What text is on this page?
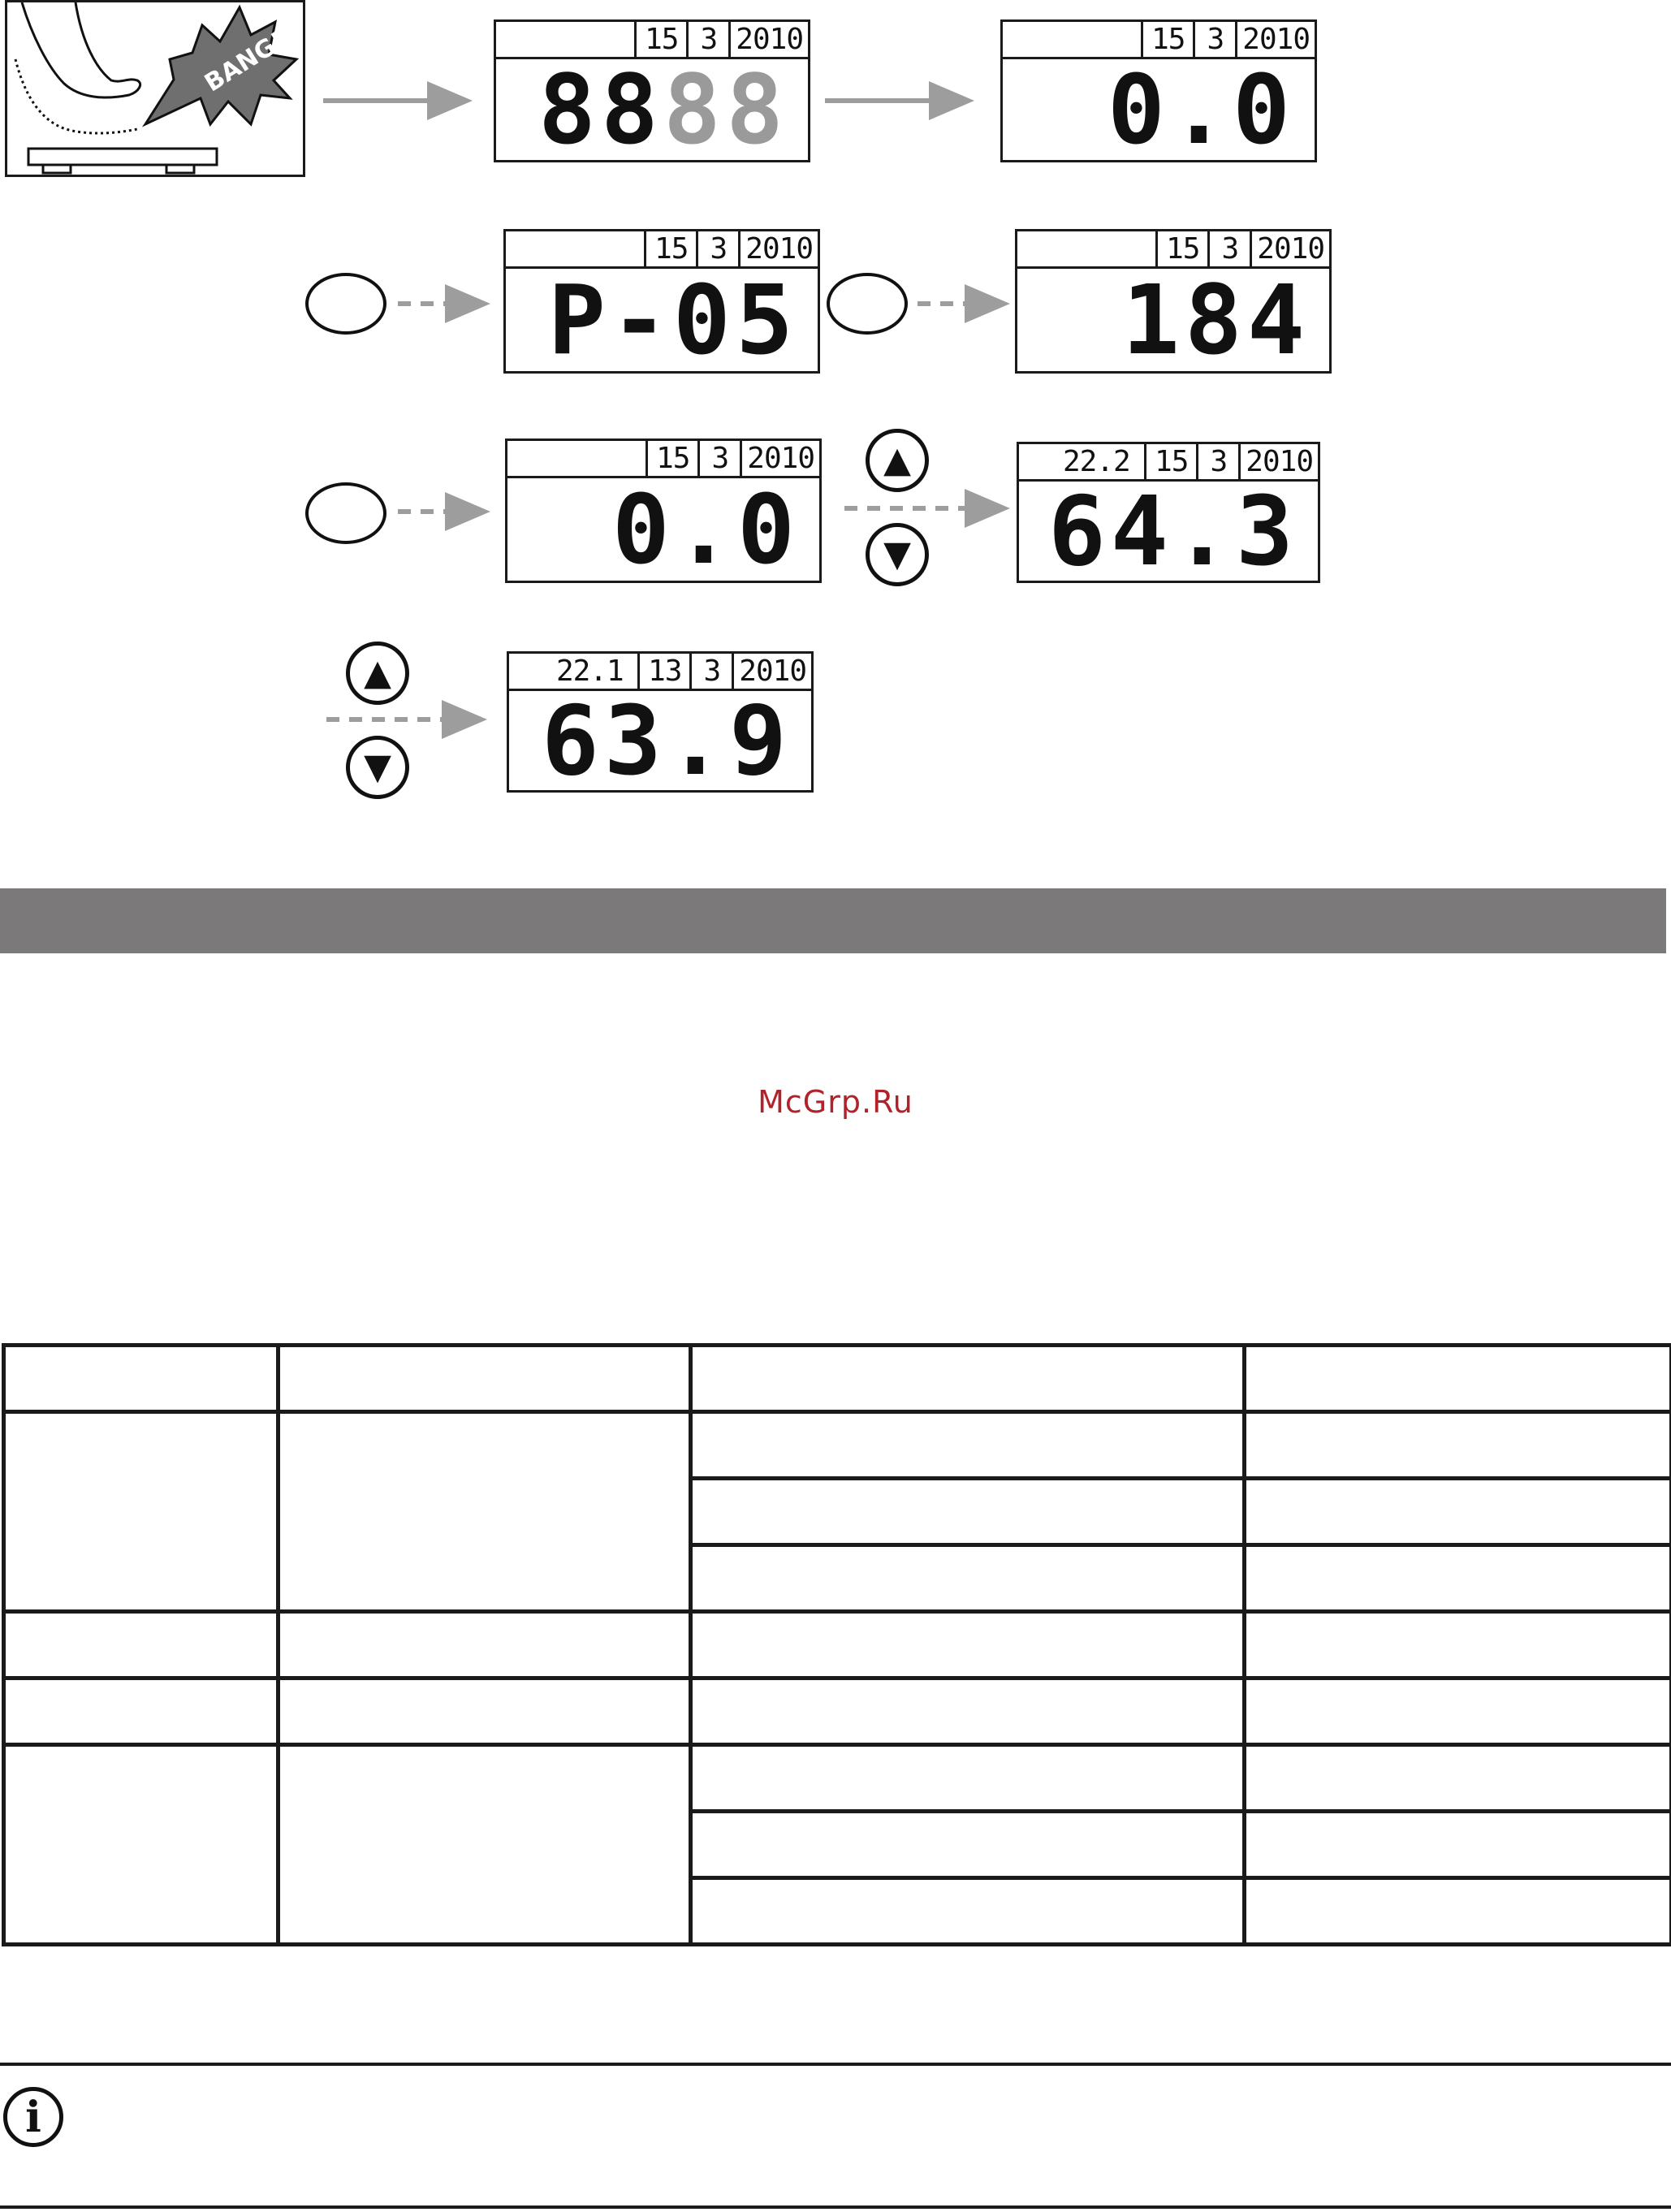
BANG!	15 3 2010
88 88
15 3 2010
0.0
15 3 2010
P-05
15 3 2010
184
15 3 2010
0.0
▲
▼
22.2 15 3 2010
64.3
▲
▼
22.1 13 3 2010
63.9
McGrp.Ru

i
